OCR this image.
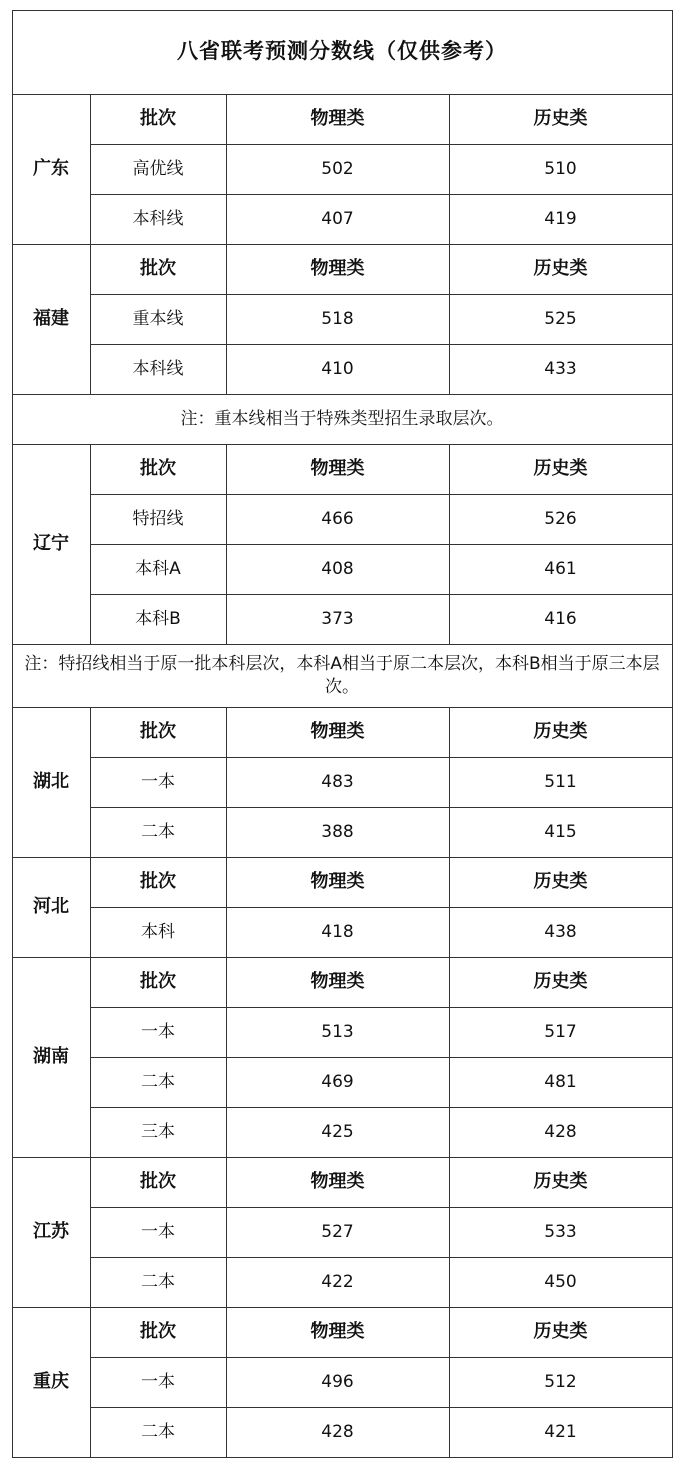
八省联考预测分数线（仅供参考）
广东
批次	物理类	历史类
高优线	502	510
本科线	407	419
福建
批次	物理类	历史类
重本线	518	525
本科线	410	433
注：重本线相当于特殊类型招生录取层次。
辽宁
批次	物理类	历史类
特招线	466	526
本科A	408	461
本科B	373	416
注：特招线相当于原一批本科层次，本科A相当于原二本层次，本科B相当于原三本层次。
湖北
批次	物理类	历史类
一本	483	511
二本	388	415
河北
批次	物理类	历史类
本科	418	438
湖南
批次	物理类	历史类
一本	513	517
二本	469	481
三本	425	428
江苏
批次	物理类	历史类
一本	527	533
二本	422	450
重庆
批次	物理类	历史类
一本	496	512
二本	428	421
